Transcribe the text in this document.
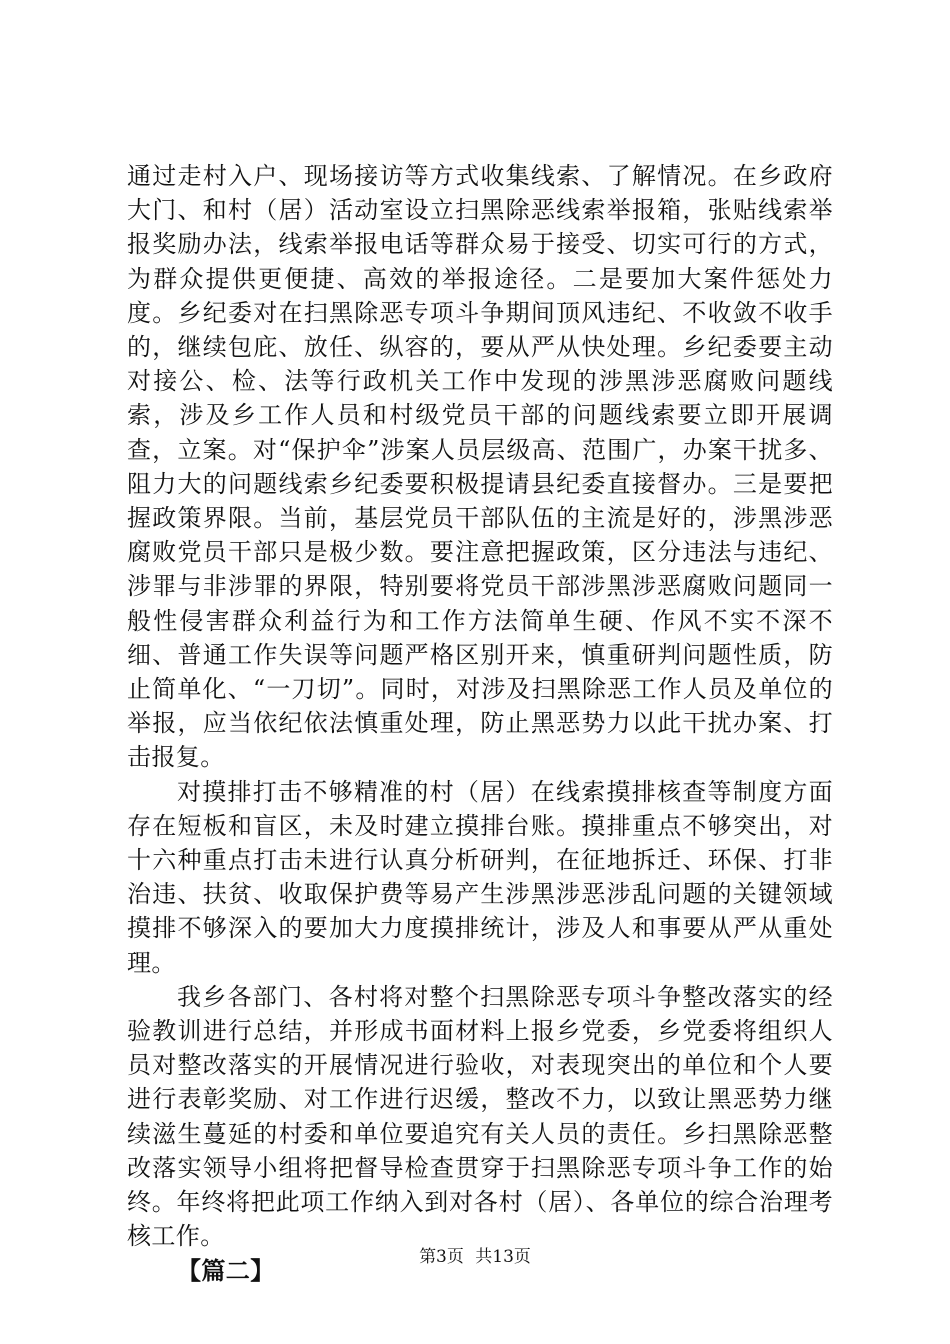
通过走村入户、现场接访等方式收集线索、了解情况。在乡政府大门、和村（居）活动室设立扫黑除恶线索举报箱，张贴线索举报奖励办法，线索举报电话等群众易于接受、切实可行的方式，为群众提供更便捷、高效的举报途径。二是要加大案件惩处力度。乡纪委对在扫黑除恶专项斗争期间顶风违纪、不收敛不收手的，继续包庇、放任、纵容的，要从严从快处理。乡纪委要主动对接公、检、法等行政机关工作中发现的涉黑涉恶腐败问题线索，涉及乡工作人员和村级党员干部的问题线索要立即开展调查，立案。对“保护伞”涉案人员层级高、范围广，办案干扰多、阻力大的问题线索乡纪委要积极提请县纪委直接督办。三是要把握政策界限。当前，基层党员干部队伍的主流是好的，涉黑涉恶腐败党员干部只是极少数。要注意把握政策，区分违法与违纪、涉罪与非涉罪的界限，特别要将党员干部涉黑涉恶腐败问题同一般性侵害群众利益行为和工作方法简单生硬、作风不实不深不细、普通工作失误等问题严格区别开来，慎重研判问题性质，防止简单化、“一刀切”。同时，对涉及扫黑除恶工作人员及单位的举报，应当依纪依法慎重处理，防止黑恶势力以此干扰办案、打击报复。

对摸排打击不够精准的村（居）在线索摸排核查等制度方面存在短板和盲区，未及时建立摸排台账。摸排重点不够突出，对十六种重点打击未进行认真分析研判，在征地拆迁、环保、打非治违、扶贫、收取保护费等易产生涉黑涉恶涉乱问题的关键领域摸排不够深入的要加大力度摸排统计，涉及人和事要从严从重处理。

我乡各部门、各村将对整个扫黑除恶专项斗争整改落实的经验教训进行总结，并形成书面材料上报乡党委，乡党委将组织人员对整改落实的开展情况进行验收，对表现突出的单位和个人要进行表彰奖励、对工作进行迟缓，整改不力，以致让黑恶势力继续滋生蔓延的村委和单位要追究有关人员的责任。乡扫黑除恶整改落实领导小组将把督导检查贯穿于扫黑除恶专项斗争工作的始终。年终将把此项工作纳入到对各村（居）、各单位的综合治理考核工作。

【篇二】	第3页 共13页
